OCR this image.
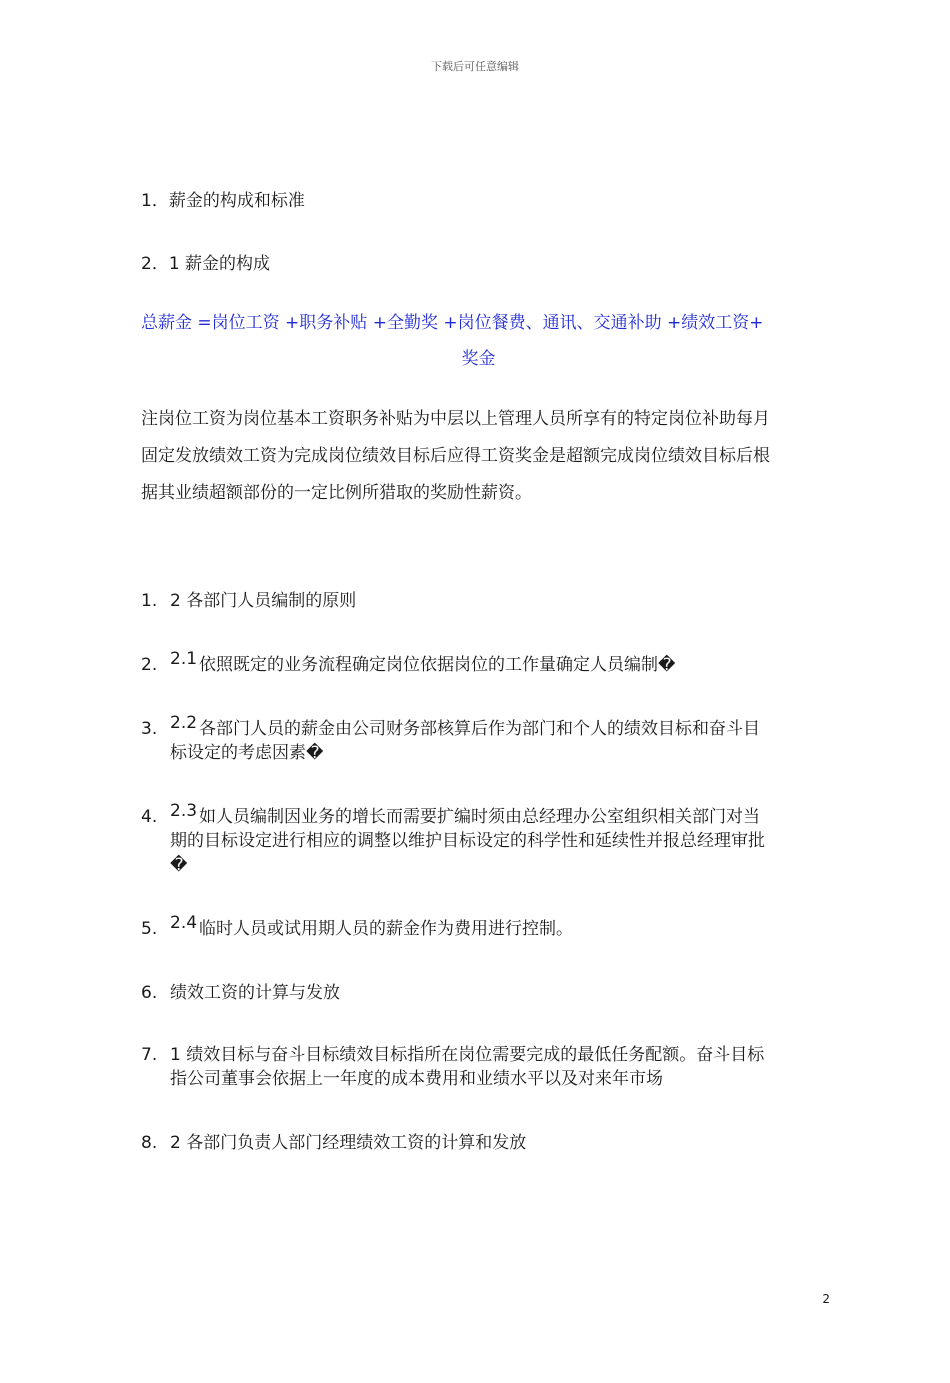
下载后可任意编辑
1．薪金的构成和标准
2．1 薪金的构成
总薪金 =岗位工资 +职务补贴 +全勤奖 +岗位餐费、通讯、交通补助 +绩效工资+
奖金
注岗位工资为岗位基本工资职务补贴为中层以上管理人员所享有的特定岗位补助每月
固定发放绩效工资为完成岗位绩效目标后应得工资奖金是超额完成岗位绩效目标后根
据其业绩超额部份的一定比例所猎取的奖励性薪资。
1. 2 各部门人员编制的原则
2. 2.1 依照既定的业务流程确定岗位依据岗位的工作量确定人员编制�
3. 2.2 各部门人员的薪金由公司财务部核算后作为部门和个人的绩效目标和奋斗目
标设定的考虑因素�
4. 2.3 如人员编制因业务的增长而需要扩编时须由总经理办公室组织相关部门对当
期的目标设定进行相应的调整以维护目标设定的科学性和延续性并报总经理审批
�
5. 2.4 临时人员或试用期人员的薪金作为费用进行控制。
6. 绩效工资的计算与发放
7. 1 绩效目标与奋斗目标绩效目标指所在岗位需要完成的最低任务配额。奋斗目标
指公司董事会依据上一年度的成本费用和业绩水平以及对来年市场
8. 2 各部门负责人部门经理绩效工资的计算和发放
2
